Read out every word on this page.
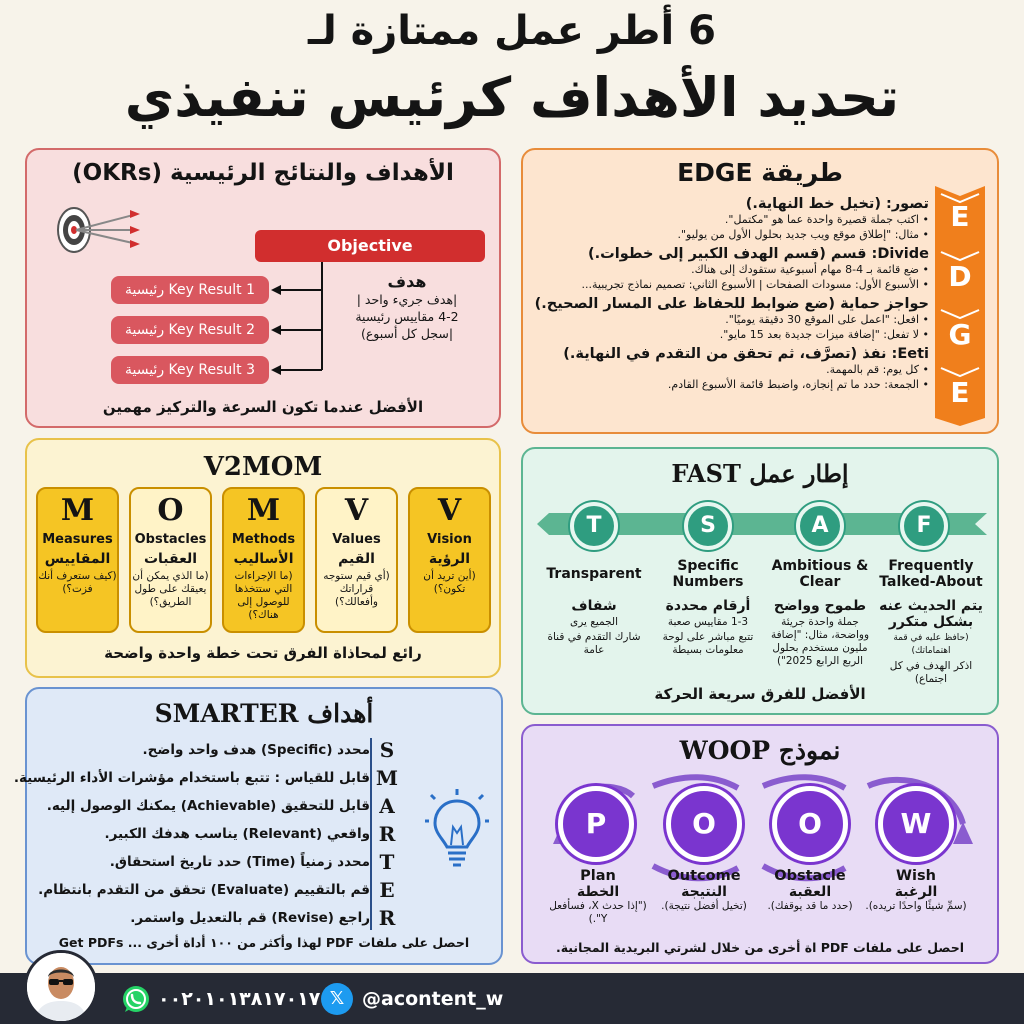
6 أطر عمل ممتازة لـ
تحديد الأهداف كرئيس تنفيذي
الأهداف والنتائج الرئيسية (OKRs)
Objective
Key Result 1 رئيسية
Key Result 2 رئيسية
Key Result 3 رئيسية
هدف
|هدف جريء واحد |
4-2 مقاييس رئيسية
|سجل كل أسبوع)
الأفضل عندما تكون السرعة والتركيز مهمين
طريقة EDGE
E
D
G
E
تصور: (تخيل خط النهاية.)
• اكتب جملة قصيرة واحدة عما هو "مكتمل".
• مثال: "إطلاق موقع ويب جديد بحلول الأول من يوليو".
Divide: قسم (قسم الهدف الكبير إلى خطوات.)
• ضع قائمة بـ 4-8 مهام أسبوعية ستقودك إلى هناك.
• الأسبوع الأول: مسودات الصفحات | الأسبوع الثاني: تصميم نماذج تجريبية...
حواجز حماية (ضع ضوابط للحفاظ على المسار الصحيح.)
• افعل: "اعمل على الموقع 30 دقيقة يوميًا".
• لا تفعل: "إضافة ميزات جديدة بعد 15 مايو".
Eeti: نفذ (تصرَّف، ثم تحقق من التقدم في النهاية.)
• كل يوم: قم بالمهمة.
• الجمعة: حدد ما تم إنجازه، واضبط قائمة الأسبوع القادم.
V2MOM
رائع لمحاذاة الفرق تحت خطة واحدة واضحة
V
Vision
الرؤية
(أين تريد أن تكون؟)
V
Values
القيم
(أي قيم ستوجه قراراتك وأفعالك؟)
M
Methods
الأساليب
(ما الإجراءات التي ستتخذها للوصول إلى هناك؟)
O
Obstacles
العقبات
(ما الذي يمكن أن يعيقك على طول الطريق؟)
M
Measures
المقاييس
(كيف ستعرف أنك فزت؟)
إطار عمل FAST
الأفضل للفرق سريعة الحركة
F
A
S
T
Frequently Talked-About
يتم الحديث عنه بشكل متكرر
(حافظ عليه في قمة اهتماماتك)
اذكر الهدف في كل اجتماع)
Ambitious & Clear
طموح وواضح
جملة واحدة جريئة وواضحة، مثال: "إضافة مليون مستخدم بحلول الربع الرابع 2025")
Specific Numbers
أرقام محددة
1-3 مقاييس صعبة
تتبع مباشر على لوحة معلومات بسيطة
Transparent
شفاف
الجميع يرى
شارك التقدم في قناة عامة
أهداف SMARTER
احصل على ملفات PDF لهذا وأكثر من ١٠٠ أداة أخرى ... Get PDFs
محدد (Specific) هدف واحد واضح.
قابل للقياس : تتبع باستخدام مؤشرات الأداء الرئيسية.
قابل للتحقيق (Achievable) يمكنك الوصول إليه.
واقعي (Relevant) يناسب هدفك الكبير.
محدد زمنياً (Time) حدد تاريخ استحقاق.
قم بالتقييم (Evaluate) تحقق من التقدم بانتظام.
راجع (Revise) قم بالتعديل واستمر.
S
M
A
R
T
E
R
نموذج WOOP
احصل على ملفات PDF اة أخرى من خلال لشرتي البريدية المجانية.
W
O
O
P
Wish
الرغبة
(سمِّ شيئًا واحدًا تريده).
Obstacle
العقبة
(حدد ما قد يوقفك).
Outcome
النتيجة
(تخيل أفضل نتيجة).
Plan
الخطة
("إذا حدث X، فسأفعل Y".)
٠٠٢٠١٠١٣٨١٧٠١٧ 𝕏 @acontent_w
